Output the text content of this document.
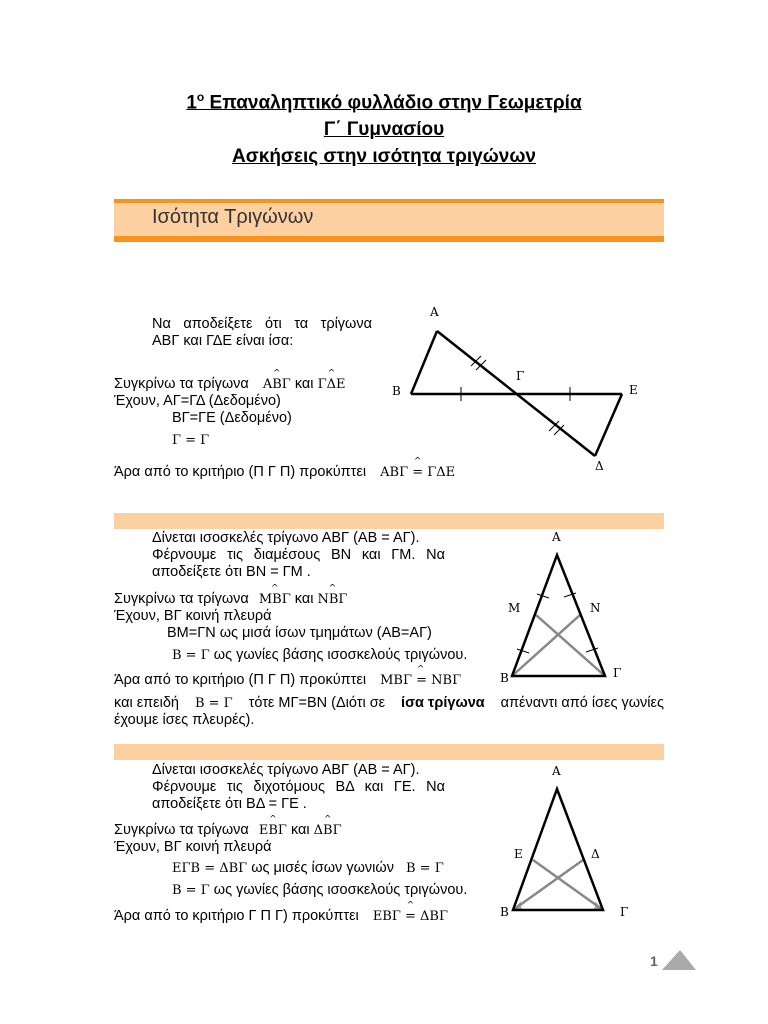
$1^o$ Επαναληπτικό φυλλάδιο στην Γεωμετρία
Γ΄ Γυμνασίου
Ασκήσεις στην ισότητα τριγώνων
Ισότητα Τριγώνων
Να αποδείξετε ότι τα τρίγωνα
ΑΒΓ και ΓΔΕ είναι ίσα:
Συγκρίνω τα τρίγωνα ^ ΑΒΓ και ^ ΓΔΕ
Έχουν, ΑΓ=ΓΔ (Δεδομένο)
ΒΓ=ΓΕ (Δεδομένο)
Γ = Γ
Άρα από το κριτήριο (Π Γ Π) προκύπτει ^ ΑΒΓ = ΓΔΕ
Α
Β
Γ
Ε
Δ
Δίνεται ισοσκελές τρίγωνο ΑΒΓ (ΑΒ = ΑΓ).
Φέρνουμε τις διαμέσους ΒΝ και ΓΜ. Να
αποδείξετε ότι ΒΝ = ΓΜ .
Συγκρίνω τα τρίγωνα ^ ΜΒΓ και ^ ΝΒΓ
Έχουν, ΒΓ κοινή πλευρά
ΒΜ=ΓΝ ως μισά ίσων τμημάτων (ΑΒ=ΑΓ)
Β = Γ ως γωνίες βάσης ισοσκελούς τριγώνου.
Άρα από το κριτήριο (Π Γ Π) προκύπτει ^ ΜΒΓ = ΝΒΓ
και επειδή Β = Γ τότε ΜΓ=ΒΝ (Διότι σε ίσα τρίγωνα απέναντι από ίσες γωνίες
έχουμε ίσες πλευρές).
Α
Μ	Ν
Β	Γ
Δίνεται ισοσκελές τρίγωνο ΑΒΓ (ΑΒ = ΑΓ).
Φέρνουμε τις διχοτόμους ΒΔ και ΓΕ. Να
αποδείξετε ότι ΒΔ = ΓΕ .
Συγκρίνω τα τρίγωνα ^ ΕΒΓ και ^ ΔΒΓ
Έχουν, ΒΓ κοινή πλευρά
ΕΓΒ = ΔΒΓ ως μισές ίσων γωνιών Β = Γ
Β = Γ ως γωνίες βάσης ισοσκελούς τριγώνου.
Άρα από το κριτήριο Γ Π Γ) προκύπτει ^ ΕΒΓ = ΔΒΓ
Α
Ε	Δ
Β	Γ
1
